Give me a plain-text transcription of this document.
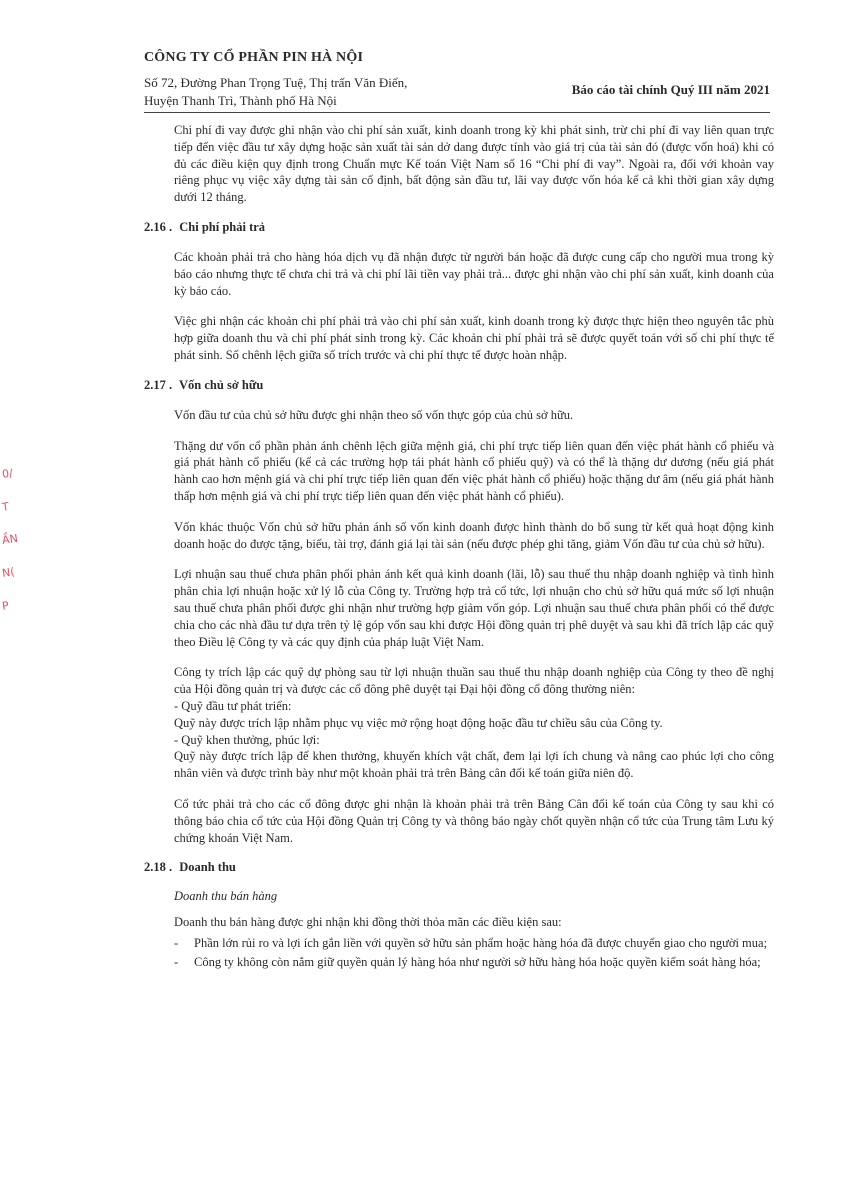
CÔNG TY CỔ PHẦN PIN HÀ NỘI
Số 72, Đường Phan Trọng Tuệ, Thị trấn Văn Điển,
Huyện Thanh Trì, Thành phố Hà Nội
Báo cáo tài chính Quý III năm 2021
0/
T
ẦN
N(
P

Chi phí đi vay được ghi nhận vào chi phí sản xuất, kinh doanh trong kỳ khi phát sinh, trừ chi phí đi vay liên quan trực tiếp đến việc đầu tư xây dựng hoặc sản xuất tài sản dở dang được tính vào giá trị của tài sản đó (được vốn hoá) khi có đủ các điều kiện quy định trong Chuẩn mực Kế toán Việt Nam số 16 “Chi phí đi vay”. Ngoài ra, đối với khoản vay riêng phục vụ việc xây dựng tài sản cố định, bất động sản đầu tư, lãi vay được vốn hóa kể cả khi thời gian xây dựng dưới 12 tháng.

2.16 . Chi phí phải trả

Các khoản phải trả cho hàng hóa dịch vụ đã nhận được từ người bán hoặc đã được cung cấp cho người mua trong kỳ báo cáo nhưng thực tế chưa chi trả và chi phí lãi tiền vay phải trả... được ghi nhận vào chi phí sản xuất, kinh doanh của kỳ báo cáo.

Việc ghi nhận các khoản chi phí phải trả vào chi phí sản xuất, kinh doanh trong kỳ được thực hiện theo nguyên tắc phù hợp giữa doanh thu và chi phí phát sinh trong kỳ. Các khoản chi phí phải trả sẽ được quyết toán với số chi phí thực tế phát sinh. Số chênh lệch giữa số trích trước và chi phí thực tế được hoàn nhập.

2.17 . Vốn chủ sở hữu

Vốn đầu tư của chủ sở hữu được ghi nhận theo số vốn thực góp của chủ sở hữu.

Thặng dư vốn cổ phần phản ánh chênh lệch giữa mệnh giá, chi phí trực tiếp liên quan đến việc phát hành cổ phiếu và giá phát hành cổ phiếu (kể cả các trường hợp tái phát hành cổ phiếu quỹ) và có thể là thặng dư dương (nếu giá phát hành cao hơn mệnh giá và chi phí trực tiếp liên quan đến việc phát hành cổ phiếu) hoặc thặng dư âm (nếu giá phát hành thấp hơn mệnh giá và chi phí trực tiếp liên quan đến việc phát hành cổ phiếu).

Vốn khác thuộc Vốn chủ sở hữu phản ánh số vốn kinh doanh được hình thành do bổ sung từ kết quả hoạt động kinh doanh hoặc do được tặng, biếu, tài trợ, đánh giá lại tài sản (nếu được phép ghi tăng, giảm Vốn đầu tư của chủ sở hữu).

Lợi nhuận sau thuế chưa phân phối phản ánh kết quả kinh doanh (lãi, lỗ) sau thuế thu nhập doanh nghiệp và tình hình phân chia lợi nhuận hoặc xử lý lỗ của Công ty. Trường hợp trả cổ tức, lợi nhuận cho chủ sở hữu quá mức số lợi nhuận sau thuế chưa phân phối được ghi nhận như trường hợp giảm vốn góp. Lợi nhuận sau thuế chưa phân phối có thể được chia cho các nhà đầu tư dựa trên tỷ lệ góp vốn sau khi được Hội đồng quản trị phê duyệt và sau khi đã trích lập các quỹ theo Điều lệ Công ty và các quy định của pháp luật Việt Nam.

Công ty trích lập các quỹ dự phòng sau từ lợi nhuận thuần sau thuế thu nhập doanh nghiệp của Công ty theo đề nghị của Hội đồng quản trị và được các cổ đông phê duyệt tại Đại hội đồng cổ đông thường niên:

- Quỹ đầu tư phát triển:

Quỹ này được trích lập nhằm phục vụ việc mở rộng hoạt động hoặc đầu tư chiều sâu của Công ty.

- Quỹ khen thưởng, phúc lợi:

Quỹ này được trích lập để khen thưởng, khuyến khích vật chất, đem lại lợi ích chung và nâng cao phúc lợi cho công nhân viên và được trình bày như một khoản phải trả trên Bảng cân đối kế toán giữa niên độ.

Cổ tức phải trả cho các cổ đông được ghi nhận là khoản phải trả trên Bảng Cân đối kế toán của Công ty sau khi có thông báo chia cổ tức của Hội đồng Quản trị Công ty và thông báo ngày chốt quyền nhận cổ tức của Trung tâm Lưu ký chứng khoán Việt Nam.

2.18 . Doanh thu
Doanh thu bán hàng

Doanh thu bán hàng được ghi nhận khi đồng thời thỏa mãn các điều kiện sau:

-	Phần lớn rủi ro và lợi ích gắn liền với quyền sở hữu sản phẩm hoặc hàng hóa đã được chuyển giao cho người mua;
-	Công ty không còn nắm giữ quyền quản lý hàng hóa như người sở hữu hàng hóa hoặc quyền kiểm soát hàng hóa;
